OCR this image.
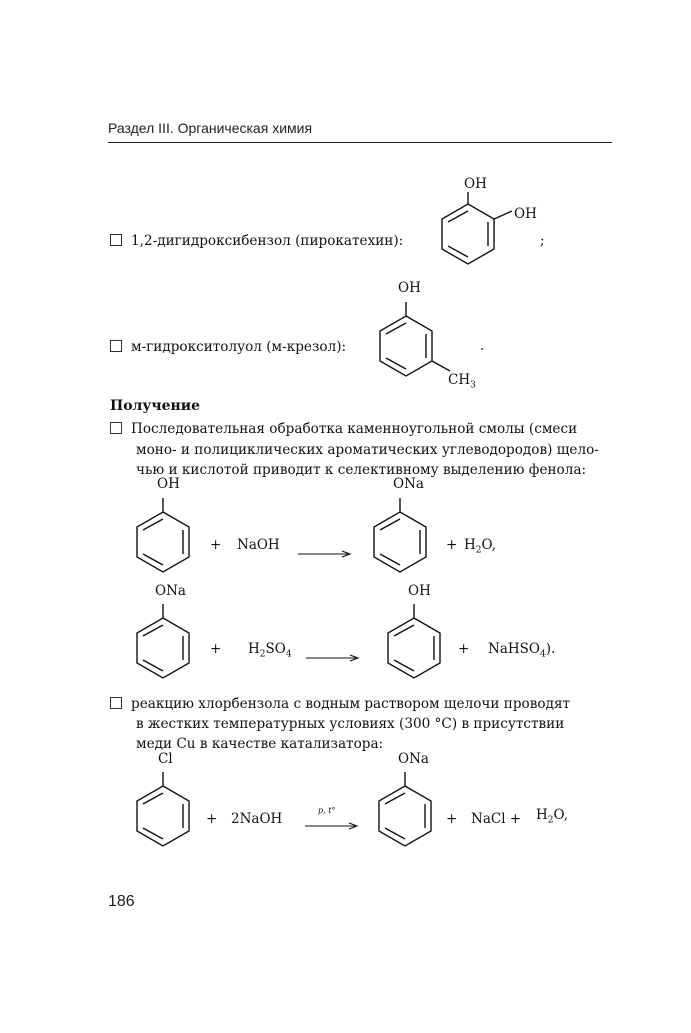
Раздел III. Органическая химия
1,2-дигидроксибензол (пирокатехин):
OH
OH
;
м-гидрокситолуол (м-крезол):
OH
$CH_3$
.
Получение
Последовательная обработка каменноугольной смолы (смеси
моно- и полициклических ароматических углеводородов) щело-
чью и кислотой приводит к селективному выделению фенола:
OH
+ NaOH
ONa
+ $H_2O$,
ONa
+ $H_2SO_4$
OH
+ NaHSO$_4$).
реакцию хлорбензола с водным раствором щелочи проводят
в жестких температурных условиях (300 °C) в присутствии
меди Cu в качестве катализатора:
Cl
+ 2NaOH
p, t°
ONa
+ NaCl + $H_2O$,
186
